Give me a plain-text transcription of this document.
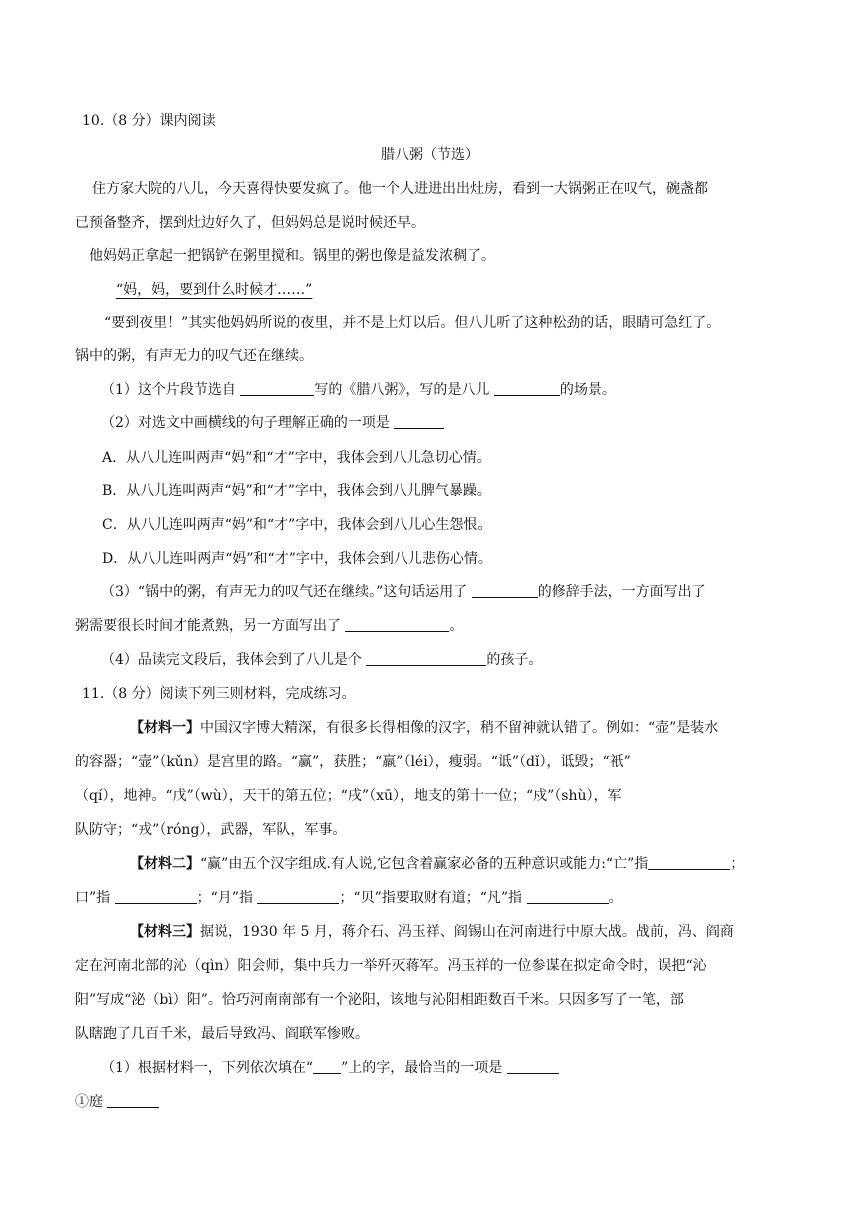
10.（8 分）课内阅读
腊八粥（节选）
住方家大院的八儿，今天喜得快要发疯了。他一个人进进出出灶房，看到一大锅粥正在叹气，碗盏都
已预备整齐，摆到灶边好久了，但妈妈总是说时候还早。
他妈妈正拿起一把锅铲在粥里搅和。锅里的粥也像是益发浓稠了。
“妈，妈，要到什么时候才……”
“要到夜里！”其实他妈妈所说的夜里，并不是上灯以后。但八儿听了这种松劲的话，眼睛可急红了。
锅中的粥，有声无力的叹气还在继续。
（1）这个片段节选自	写的《腊八粥》，写的是八儿	的场景。
（2）对选文中画横线的句子理解正确的一项是
A．从八儿连叫两声“妈”和“才”字中，我体会到八儿急切心情。
B．从八儿连叫两声“妈”和“才”字中，我体会到八儿脾气暴躁。
C．从八儿连叫两声“妈”和“才”字中，我体会到八儿心生怨恨。
D．从八儿连叫两声“妈”和“才”字中，我体会到八儿悲伤心情。
（3）“锅中的粥，有声无力的叹气还在继续。”这句话运用了	的修辞手法，一方面写出了
粥需要很长时间才能煮熟，另一方面写出了	。
（4）品读完文段后，我体会到了八儿是个	的孩子。
11.（8 分）阅读下列三则材料，完成练习。
【材料一】中国汉字博大精深，有很多长得相像的汉字，稍不留神就认错了。例如：“壶”是装水
的容器；“壸”（kǔn）是宫里的路。“赢”，获胜；“羸”（léi），瘦弱。“诋”（dǐ），诋毁；“衹”
（qí），地神。“戊”（wù），天干的第五位；“戌”（xū），地支的第十一位；“戍”（shù），军
队防守；“戎”（róng），武器，军队，军事。
【材料二】“赢”由五个汉字组成.有人说,它包含着赢家必备的五种意识或能力:“亡”指	；
口”指	；“月”指	；“贝”指要取财有道；“凡”指	。
【材料三】据说，1930 年 5 月，蒋介石、冯玉祥、阎锡山在河南进行中原大战。战前，冯、阎商
定在河南北部的沁（qìn）阳会师，集中兵力一举歼灭蒋军。冯玉祥的一位参谋在拟定命令时，误把“沁
阳”写成“泌（bì）阳”。恰巧河南南部有一个泌阳，该地与沁阳相距数百千米。只因多写了一笔，部
队瞎跑了几百千米，最后导致冯、阎联军惨败。
（1）根据材料一，下列依次填在“ ”上的字，最恰当的一项是
①庭
